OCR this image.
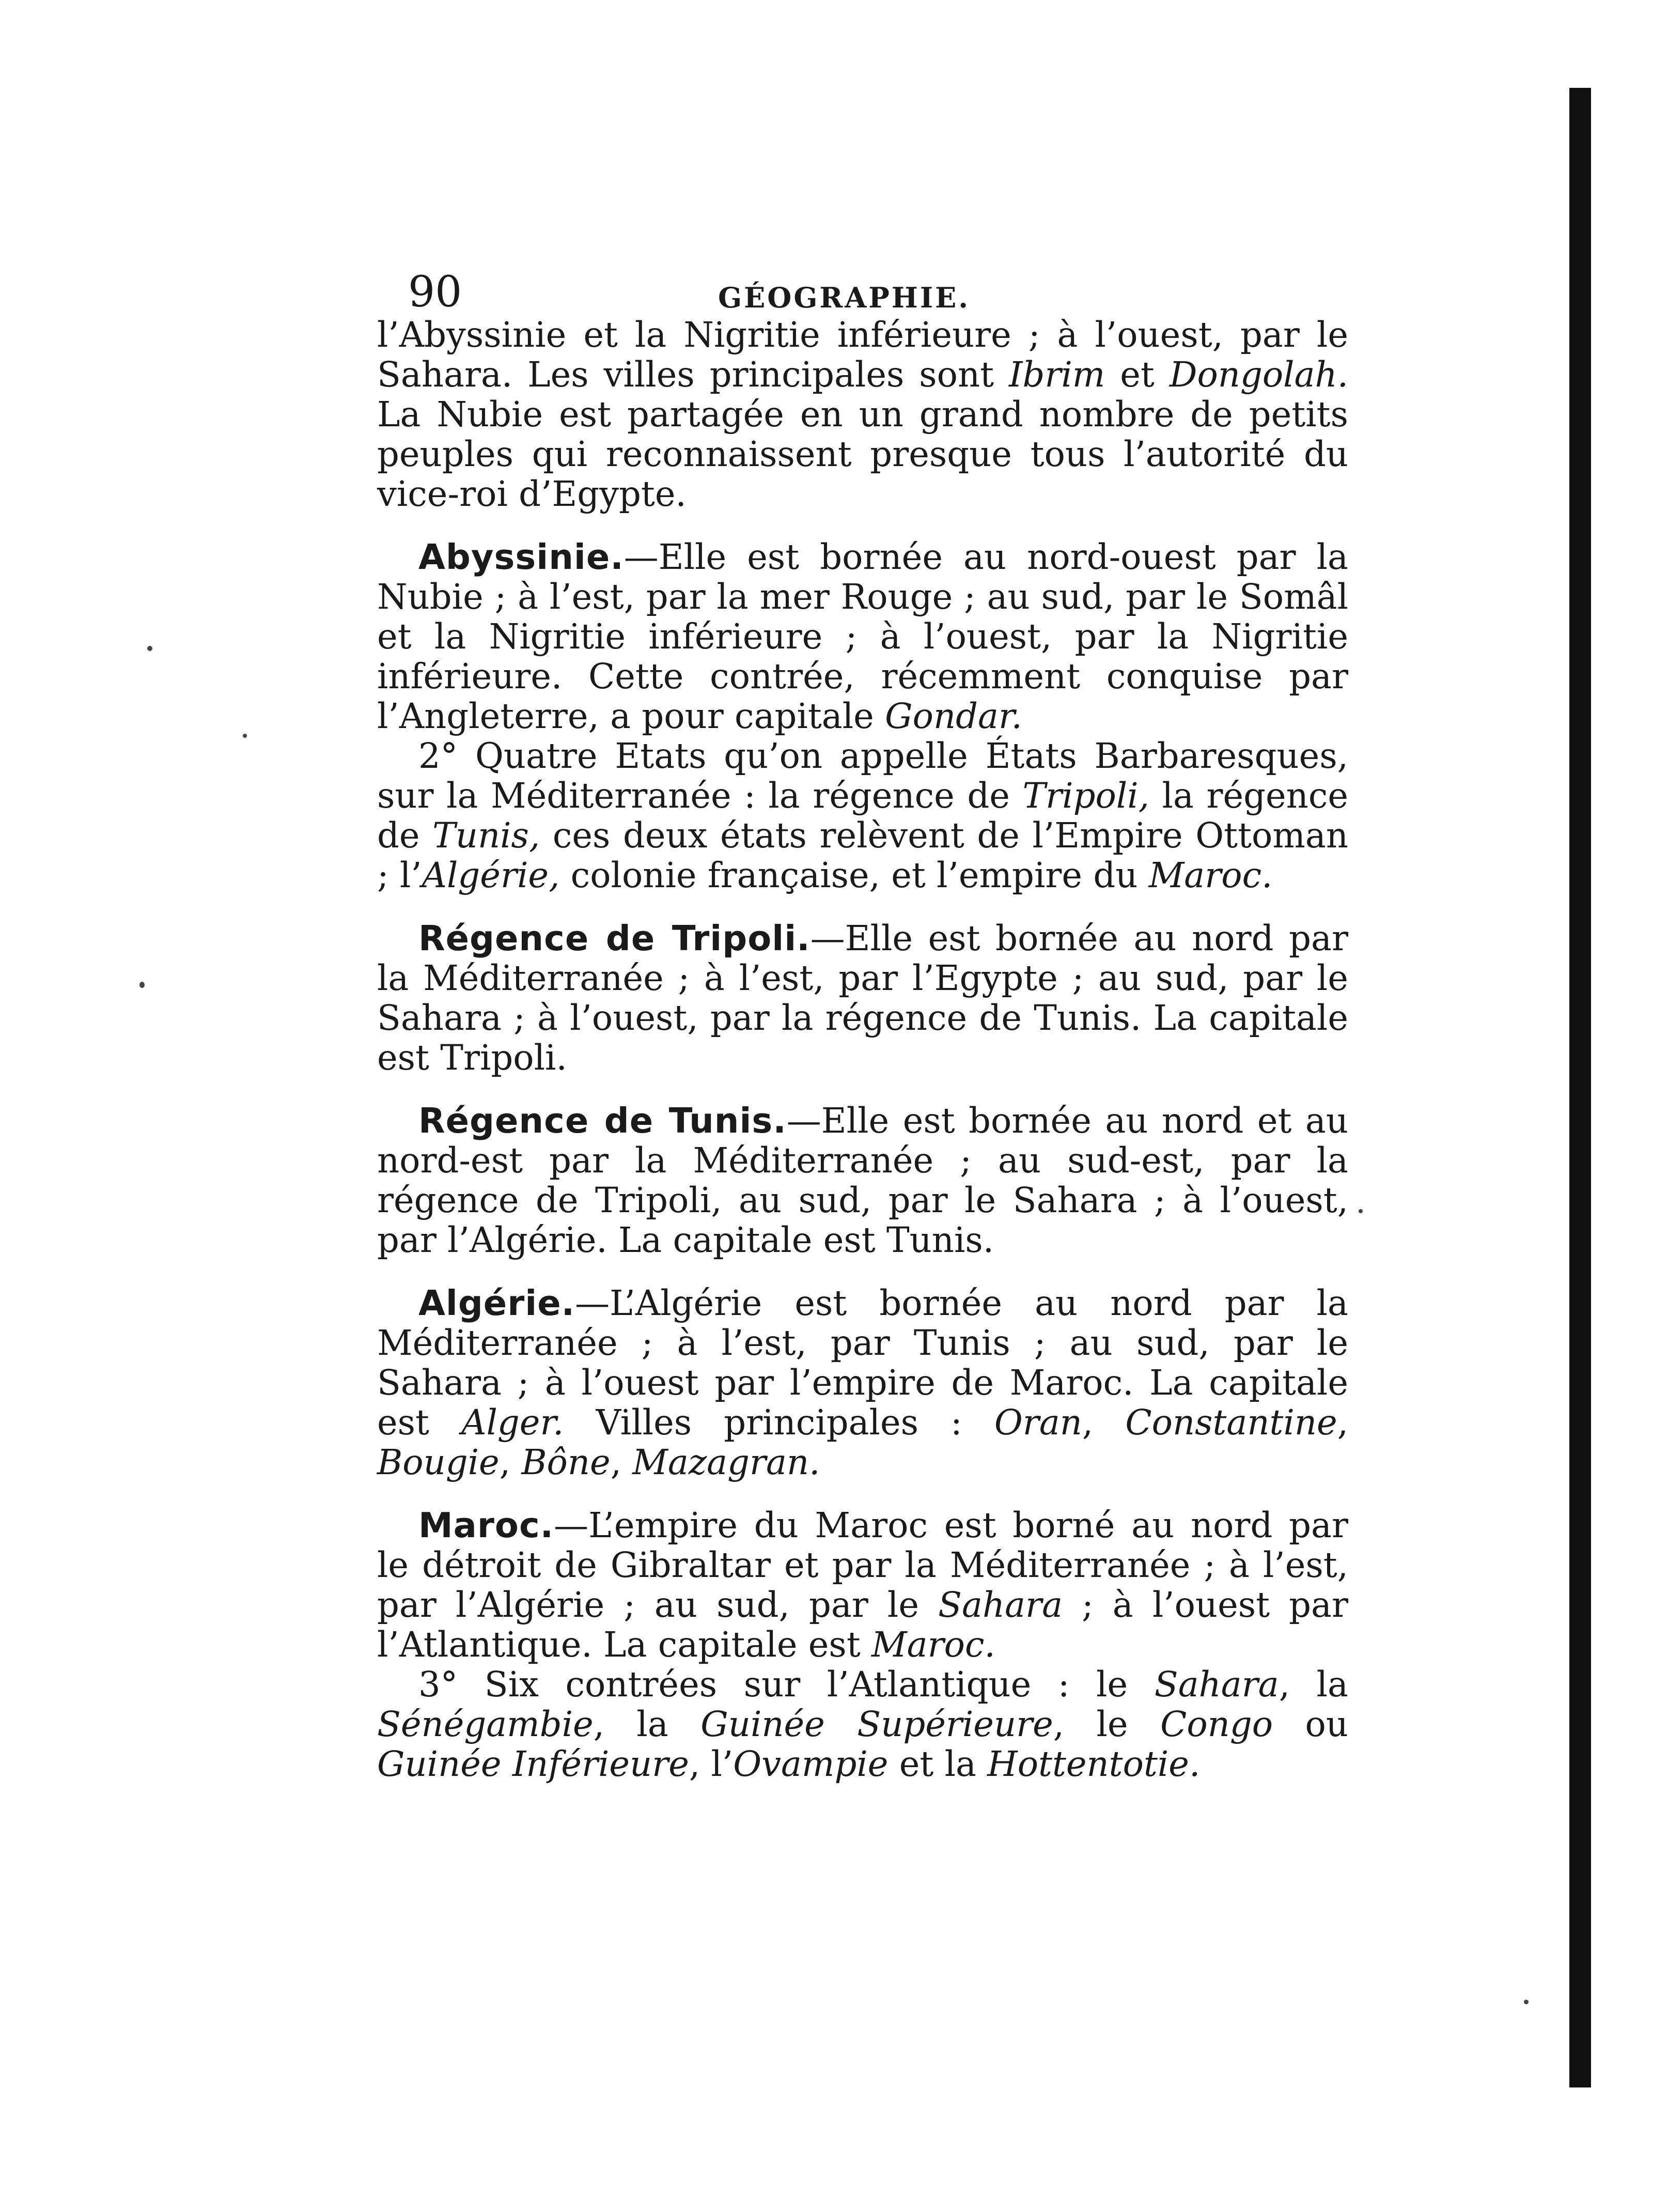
90	GÉOGRAPHIE.

l’Abyssinie et la Nigritie inférieure ; à l’ouest, par le Sahara. Les villes principales sont Ibrim et Dongolah. La Nubie est partagée en un grand nombre de petits peuples qui reconnaissent presque tous l’autorité du vice-roi d’Egypte.

Abyssinie.—Elle est bornée au nord-ouest par la Nubie ; à l’est, par la mer Rouge ; au sud, par le Somâl et la Nigritie inférieure ; à l’ouest, par la Nigritie inférieure. Cette contrée, récemment conquise par l’Angleterre, a pour capitale Gondar.

2° Quatre Etats qu’on appelle États Barbaresques, sur la Méditerranée : la régence de Tripoli, la régence de Tunis, ces deux états relèvent de l’Empire Ottoman ; l’Algérie, colonie française, et l’empire du Maroc.

Régence de Tripoli.—Elle est bornée au nord par la Méditerranée ; à l’est, par l’Egypte ; au sud, par le Sahara ; à l’ouest, par la régence de Tunis. La capitale est Tripoli.

Régence de Tunis.—Elle est bornée au nord et au nord-est par la Méditerranée ; au sud-est, par la régence de Tripoli, au sud, par le Sahara ; à l’ouest, par l’Algérie. La capitale est Tunis.

Algérie.—L’Algérie est bornée au nord par la Méditerranée ; à l’est, par Tunis ; au sud, par le Sahara ; à l’ouest par l’empire de Maroc. La capitale est Alger. Villes principales : Oran, Constantine, Bougie, Bône, Mazagran.

Maroc.—L’empire du Maroc est borné au nord par le détroit de Gibraltar et par la Méditerranée ; à l’est, par l’Algérie ; au sud, par le Sahara ; à l’ouest par l’Atlantique. La capitale est Maroc.

3° Six contrées sur l’Atlantique : le Sahara, la Sénégambie, la Guinée Supérieure, le Congo ou Guinée Inférieure, l’Ovampie et la Hottentotie.
